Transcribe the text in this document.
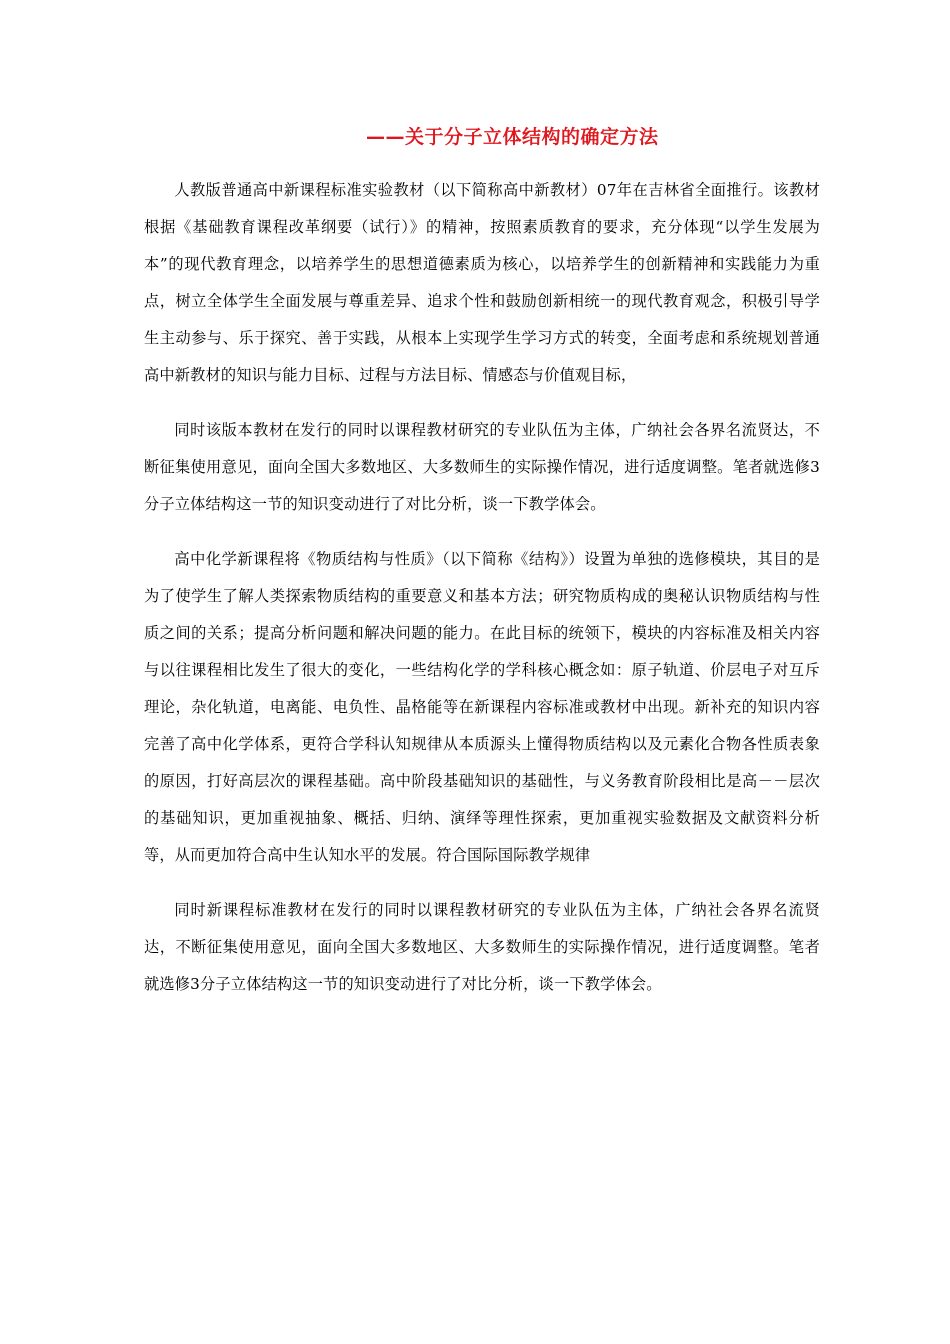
——关于分子立体结构的确定方法

人教版普通高中新课程标准实验教材（以下简称高中新教材）07年在吉林省全面推行。该教材根据《基础教育课程改革纲要（试行）》的精神，按照素质教育的要求，充分体现“以学生发展为本”的现代教育理念，以培养学生的思想道德素质为核心，以培养学生的创新精神和实践能力为重点，树立全体学生全面发展与尊重差异、追求个性和鼓励创新相统一的现代教育观念，积极引导学生主动参与、乐于探究、善于实践，从根本上实现学生学习方式的转变，全面考虑和系统规划普通高中新教材的知识与能力目标、过程与方法目标、情感态与价值观目标，

同时该版本教材在发行的同时以课程教材研究的专业队伍为主体，广纳社会各界名流贤达，不断征集使用意见，面向全国大多数地区、大多数师生的实际操作情况，进行适度调整。笔者就选修3分子立体结构这一节的知识变动进行了对比分析，谈一下教学体会。

高中化学新课程将《物质结构与性质》（以下简称《结构》）设置为单独的选修模块，其目的是为了使学生了解人类探索物质结构的重要意义和基本方法；研究物质构成的奥秘认识物质结构与性质之间的关系；提高分析问题和解决问题的能力。在此目标的统领下，模块的内容标准及相关内容与以往课程相比发生了很大的变化，一些结构化学的学科核心概念如：原子轨道、价层电子对互斥理论，杂化轨道，电离能、电负性、晶格能等在新课程内容标准或教材中出现。新补充的知识内容完善了高中化学体系，更符合学科认知规律从本质源头上懂得物质结构以及元素化合物各性质表象的原因，打好高层次的课程基础。高中阶段基础知识的基础性，与义务教育阶段相比是高－－层次的基础知识，更加重视抽象、概括、归纳、演绎等理性探索，更加重视实验数据及文献资料分析等，从而更加符合高中生认知水平的发展。符合国际国际教学规律

同时新课程标准教材在发行的同时以课程教材研究的专业队伍为主体，广纳社会各界名流贤达，不断征集使用意见，面向全国大多数地区、大多数师生的实际操作情况，进行适度调整。笔者就选修3分子立体结构这一节的知识变动进行了对比分析，谈一下教学体会。
